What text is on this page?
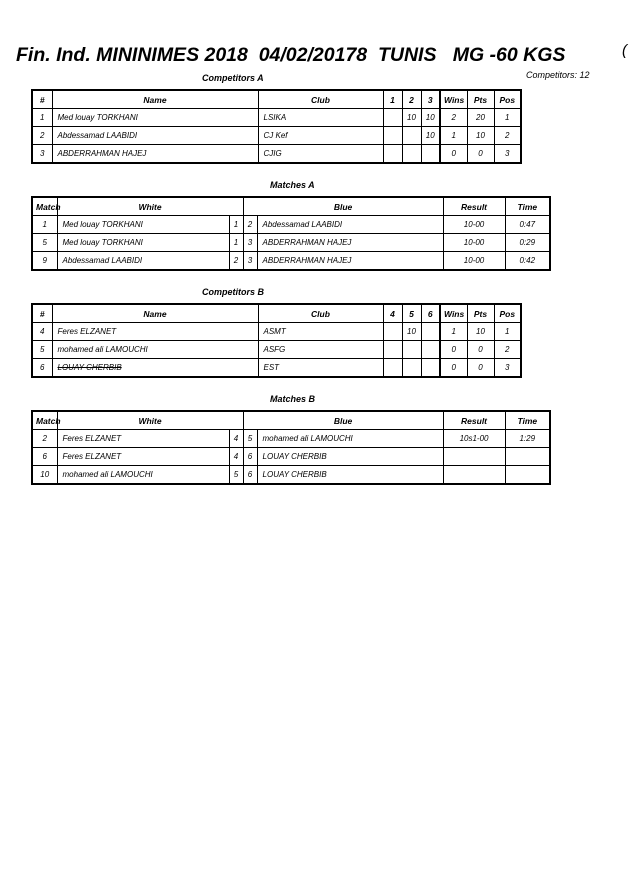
Fin. Ind. MININIMES 2018  04/02/20178  TUNIS   MG -60 KGS	(
Competitors: 12
Competitors A
#	Name	Club	1	2	3	Wins	Pts	Pos
1	Med louay TORKHANI	LSIKA		10	10	2	20	1
2	Abdessamad LAABIDI	CJ Kef			10	1	10	2
3	ABDERRAHMAN HAJEJ	CJIG				0	0	3
Matches A
Match	White		Blue		Result	Time
1	Med louay TORKHANI	1	2	Abdessamad LAABIDI	10-00	0:47
5	Med louay TORKHANI	1	3	ABDERRAHMAN HAJEJ	10-00	0:29
9	Abdessamad LAABIDI	2	3	ABDERRAHMAN HAJEJ	10-00	0:42
Competitors B
#	Name	Club	4	5	6	Wins	Pts	Pos
4	Feres ELZANET	ASMT		10		1	10	1
5	mohamed ali LAMOUCHI	ASFG				0	0	2
6	LOUAY CHERBIB	EST				0	0	3
Matches B
Match	White		Blue		Result	Time
2	Feres ELZANET	4	5	mohamed ali LAMOUCHI	10s1-00	1:29
6	Feres ELZANET	4	6	LOUAY CHERBIB		
10	mohamed ali LAMOUCHI	5	6	LOUAY CHERBIB		
